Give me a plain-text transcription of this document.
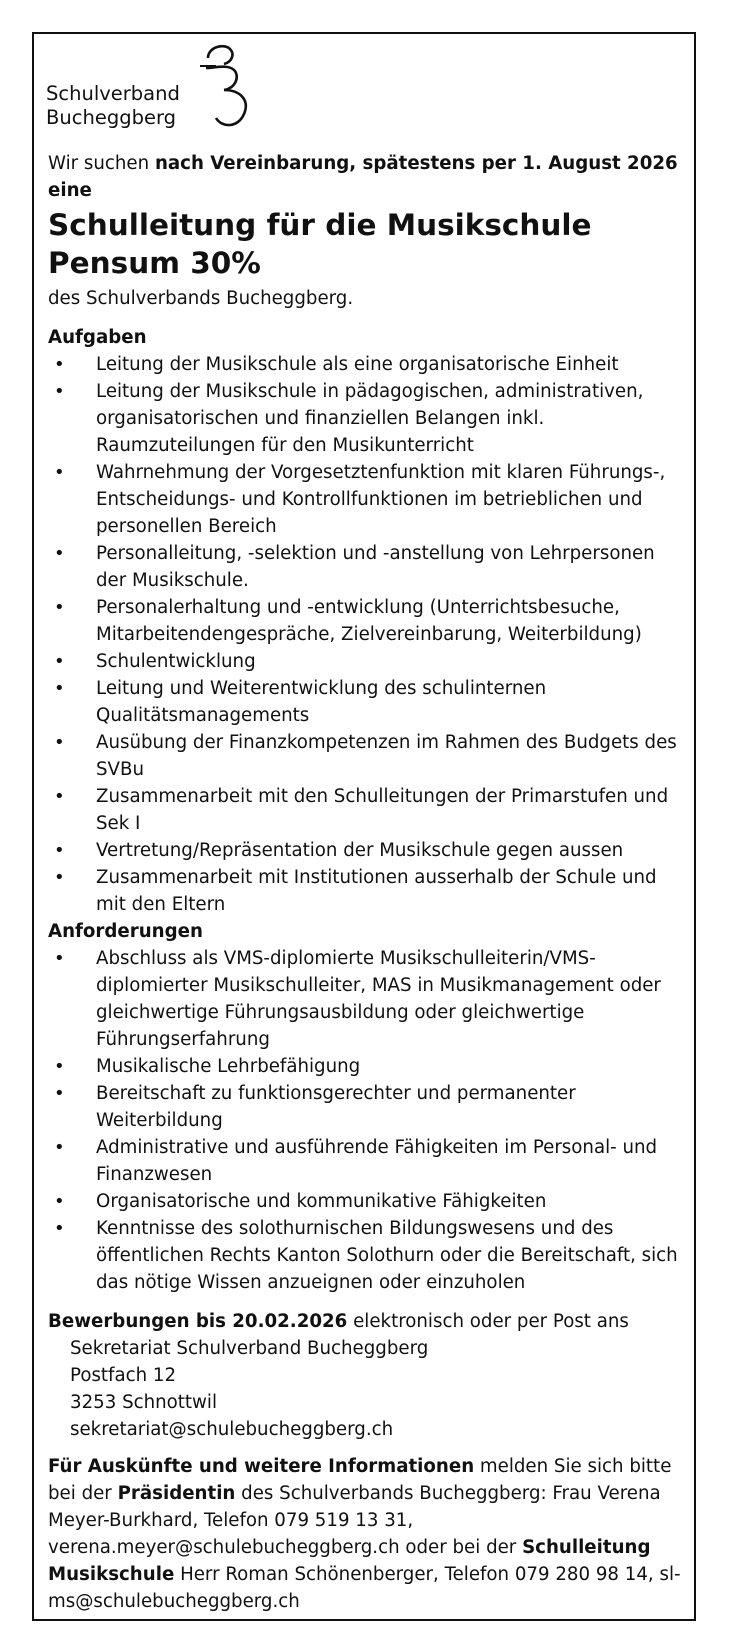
Schulverband
Bucheggberg

Wir suchen nach Vereinbarung, spätestens per 1. August 2026 eine

Schulleitung für die Musikschule
Pensum 30%

des Schulverbands Bucheggberg.

Aufgaben
• Leitung der Musikschule als eine organisatorische Einheit
• Leitung der Musikschule in pädagogischen, administrativen, organisatorischen und finanziellen Belangen inkl. Raumzuteilungen für den Musikunterricht
• Wahrnehmung der Vorgesetztenfunktion mit klaren Führungs-, Entscheidungs- und Kontrollfunktionen im betrieblichen und personellen Bereich
• Personalleitung, -selektion und -anstellung von Lehrpersonen der Musikschule.
• Personalerhaltung und -entwicklung (Unterrichtsbesuche, Mitarbeitendengespräche, Zielvereinbarung, Weiterbildung)
• Schulentwicklung
• Leitung und Weiterentwicklung des schulinternen Qualitätsmanagements
• Ausübung der Finanzkompetenzen im Rahmen des Budgets des SVBu
• Zusammenarbeit mit den Schulleitungen der Primarstufen und Sek I
• Vertretung/Repräsentation der Musikschule gegen aussen
• Zusammenarbeit mit Institutionen ausserhalb der Schule und mit den Eltern
Anforderungen
• Abschluss als VMS-diplomierte Musikschulleiterin/VMS-diplomierter Musikschulleiter, MAS in Musikmanagement oder gleichwertige Führungsausbildung oder gleichwertige Führungserfahrung
• Musikalische Lehrbefähigung
• Bereitschaft zu funktionsgerechter und permanenter Weiterbildung
• Administrative und ausführende Fähigkeiten im Personal- und Finanzwesen
• Organisatorische und kommunikative Fähigkeiten
• Kenntnisse des solothurnischen Bildungswesens und des öffentlichen Rechts Kanton Solothurn oder die Bereitschaft, sich das nötige Wissen anzueignen oder einzuholen

Bewerbungen bis 20.02.2026 elektronisch oder per Post ans

Sekretariat Schulverband Bucheggberg

Postfach 12

3253 Schnottwil

sekretariat@schulebucheggberg.ch

Für Auskünfte und weitere Informationen melden Sie sich bitte bei der Präsidentin des Schulverbands Bucheggberg: Frau Verena Meyer-Burkhard, Telefon 079 519 13 31, verena.meyer@schulebucheggberg.ch oder bei der Schulleitung Musikschule Herr Roman Schönenberger, Telefon 079 280 98 14, sl-ms@schulebucheggberg.ch
